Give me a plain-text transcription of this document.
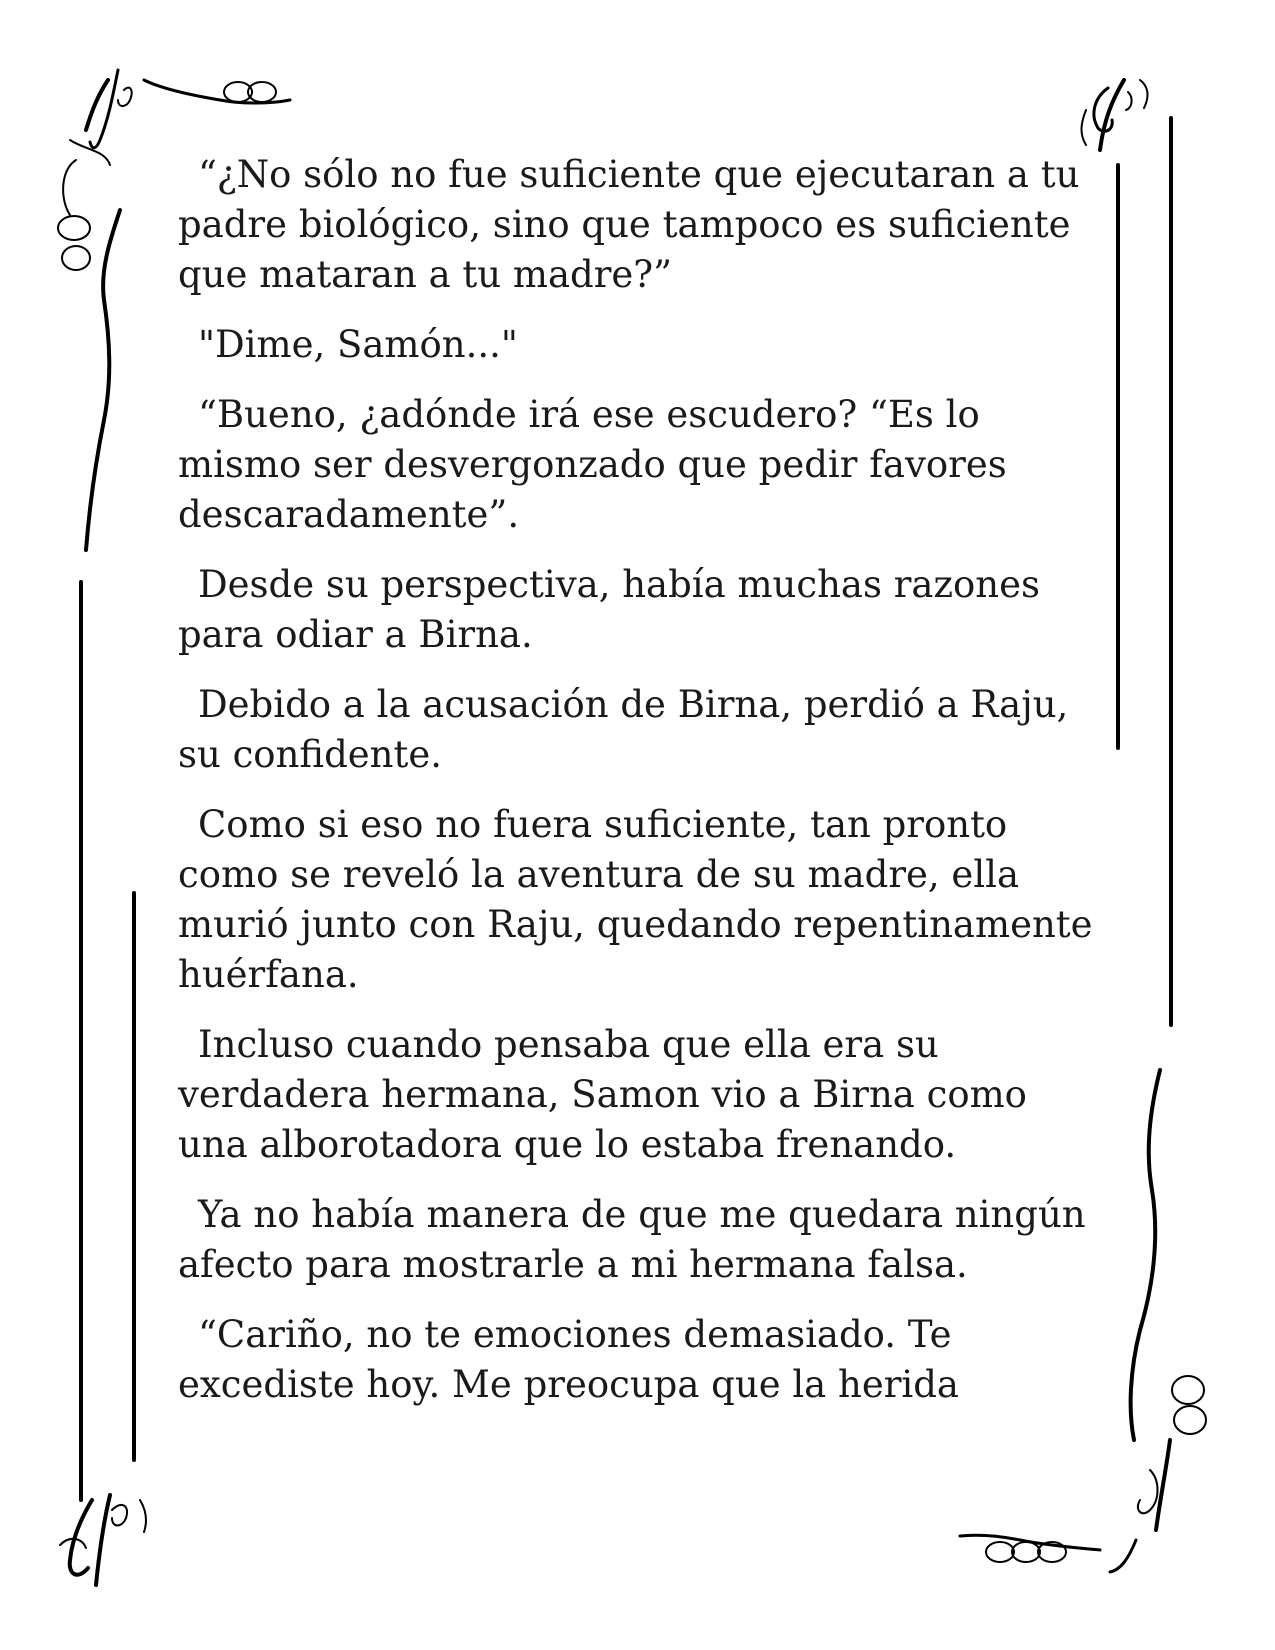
“¿No sólo no fue suficiente que ejecutaran a tu padre biológico, sino que tampoco es suficiente que mataran a tu madre?”

"Dime, Samón..."

“Bueno, ¿adónde irá ese escudero? “Es lo mismo ser desvergonzado que pedir favores descaradamente”.

Desde su perspectiva, había muchas razones para odiar a Birna.

Debido a la acusación de Birna, perdió a Raju, su confidente.

Como si eso no fuera suficiente, tan pronto como se reveló la aventura de su madre, ella murió junto con Raju, quedando repentinamente huérfana.

Incluso cuando pensaba que ella era su verdadera hermana, Samon vio a Birna como una alborotadora que lo estaba frenando.

Ya no había manera de que me quedara ningún afecto para mostrarle a mi hermana falsa.

“Cariño, no te emociones demasiado. Te excediste hoy. Me preocupa que la herida
